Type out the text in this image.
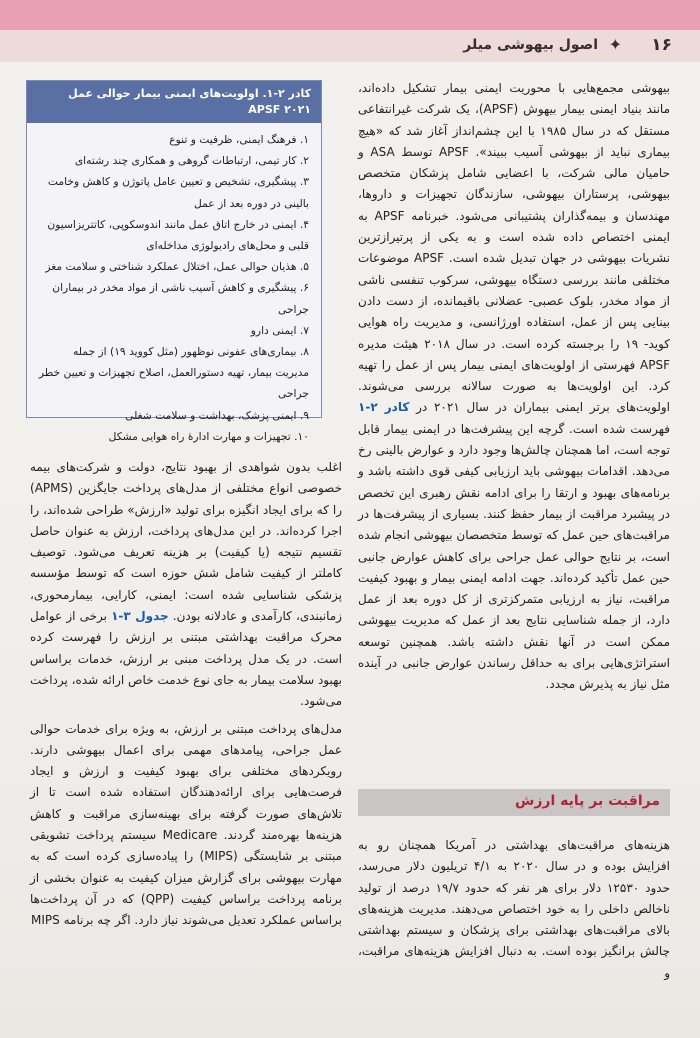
۱۶
✦
اصول بیهوشی میلر

بیهوشی مجمع‌هایی با محوریت ایمنی بیمار تشکیل داده‌اند، مانند بنیاد ایمنی بیمار بیهوش (APSF)، یک شرکت غیرانتفاعی مستقل که در سال ۱۹۸۵ با این چشم‌انداز آغاز شد که «هیچ بیماری نباید از بیهوشی آسیب ببیند». APSF توسط ASA و حامیان مالی شرکت، با اعضایی شامل پزشکان متخصص بیهوشی، پرستاران بیهوشی، سازندگان تجهیزات و داروها، مهندسان و بیمه‌گذاران پشتیبانی می‌شود. خبرنامه APSF به ایمنی اختصاص داده شده است و به یکی از پرتیرازترین نشریات بیهوشی در جهان تبدیل شده است. APSF موضوعات مختلفی مانند بررسی دستگاه بیهوشی، سرکوب تنفسی ناشی از مواد مخدر، بلوک عصبی- عضلانی باقیمانده، از دست دادن بینایی پس از عمل، استفاده اورژانسی، و مدیریت راه هوایی کوید- ۱۹ را برجسته کرده است. در سال ۲۰۱۸ هیئت مدیره APSF فهرستی از اولویت‌های ایمنی بیمار پس از عمل را تهیه کرد. این اولویت‌ها به صورت سالانه بررسی می‌شوند. اولویت‌های برتر ایمنی بیماران در سال ۲۰۲۱ در کادر ۲-۱ فهرست شده است. گرچه این پیشرفت‌ها در ایمنی بیمار قابل توجه است، اما همچنان چالش‌ها وجود دارد و عوارض بالینی رخ می‌دهد. اقدامات بیهوشی باید ارزیابی کیفی قوی داشته باشد و برنامه‌های بهبود و ارتقا را برای ادامه نقش رهبری این تخصص در پیشبرد مراقبت از بیمار حفظ کنند. بسیاری از پیشرفت‌ها در مراقبت‌های حین عمل که توسط متخصصان بیهوشی انجام شده است، بر نتایج حوالی عمل جراحی برای کاهش عوارض جانبی حین عمل تأکید کرده‌اند. جهت ادامه ایمنی بیمار و بهبود کیفیت مراقبت، نیاز به ارزیابی متمرکزتری از کل دوره بعد از عمل دارد، از جمله شناسایی نتایج بعد از عمل که مدیریت بیهوشی ممکن است در آنها نقش داشته باشد. همچنین توسعه استراتژی‌هایی برای به حداقل رساندن عوارض جانبی در آینده مثل نیاز به پذیرش مجدد.

کادر ۲-۱. اولویت‌های ایمنی بیمار حوالی عمل APSF ۲۰۲۱
۱. فرهنگ ایمنی، ظرفیت و تنوع
۲. کار تیمی، ارتباطات گروهی و همکاری چند رشته‌ای
۳. پیشگیری، تشخیص و تعیین عامل پاتوژن و کاهش وخامت بالینی در دوره بعد از عمل
۴. ایمنی در خارج اتاق عمل مانند اندوسکوپی، کاتتریزاسیون قلبی و محل‌های رادیولوژی مداخله‌ای
۵. هذیان حوالی عمل، اختلال عملکرد شناختی و سلامت مغز
۶. پیشگیری و کاهش آسیب ناشی از مواد مخدر در بیماران جراحی
۷. ایمنی دارو
۸. بیماری‌های عفونی نوظهور (مثل کووید ۱۹) از جمله مدیریت بیمار، تهیه دستورالعمل، اصلاح تجهیزات و تعیین خطر جراحی
۹. ایمنی پزشک، بهداشت و سلامت شغلی
۱۰. تجهیزات و مهارت ادارهٔ راه هوایی مشکل

اغلب بدون شواهدی از بهبود نتایج، دولت و شرکت‌های بیمه خصوصی انواع مختلفی از مدل‌های پرداخت جایگزین (APMS) را که برای ایجاد انگیزه برای تولید «ارزش» طراحی شده‌اند، را اجرا کرده‌اند. در این مدل‌های پرداخت، ارزش به عنوان حاصل تقسیم نتیجه (یا کیفیت) بر هزینه تعریف می‌شود. توصیف کاملتر از کیفیت شامل شش حوزه است که توسط مؤسسه پزشکی شناسایی شده است: ایمنی، کارایی، بیمارمحوری، زمانبندی، کارآمدی و عادلانه بودن. جدول ۳-۱ برخی از عوامل محرک مراقبت بهداشتی مبتنی بر ارزش را فهرست کرده است. در یک مدل پرداخت مبنی بر ارزش، خدمات براساس بهبود سلامت بیمار به جای نوع خدمت خاص ارائه شده، پرداخت می‌شود.

مدل‌های پرداخت مبتنی بر ارزش، به ویژه برای خدمات حوالی عمل جراحی، پیامدهای مهمی برای اعمال بیهوشی دارند. رویکردهای مختلفی برای بهبود کیفیت و ارزش و ایجاد فرصت‌هایی برای ارائه‌دهندگان استفاده شده است تا از تلاش‌های صورت گرفته برای بهینه‌سازی مراقبت و کاهش هزینه‌ها بهره‌مند گردند. Medicare سیستم پرداخت تشویقی مبتنی بر شایستگی (MIPS) را پیاده‌سازی کرده است که به مهارت بیهوشی برای گزارش میزان کیفیت به عنوان بخشی از برنامه پرداخت براساس کیفیت (QPP) که در آن پرداخت‌ها براساس عملکرد تعدیل می‌شوند نیاز دارد. اگر چه برنامه MIPS

مراقبت بر پایه ارزش

هزینه‌های مراقبت‌های بهداشتی در آمریکا همچنان رو به افزایش بوده و در سال ۲۰۲۰ به ۴/۱ تریلیون دلار می‌رسد، حدود ۱۲۵۳۰ دلار برای هر نفر که حدود ۱۹/۷ درصد از تولید ناخالص داخلی را به خود اختصاص می‌دهند. مدیریت هزینه‌های بالای مراقبت‌های بهداشتی برای پزشکان و سیستم بهداشتی چالش برانگیز بوده است. به دنبال افزایش هزینه‌های مراقبت، و
